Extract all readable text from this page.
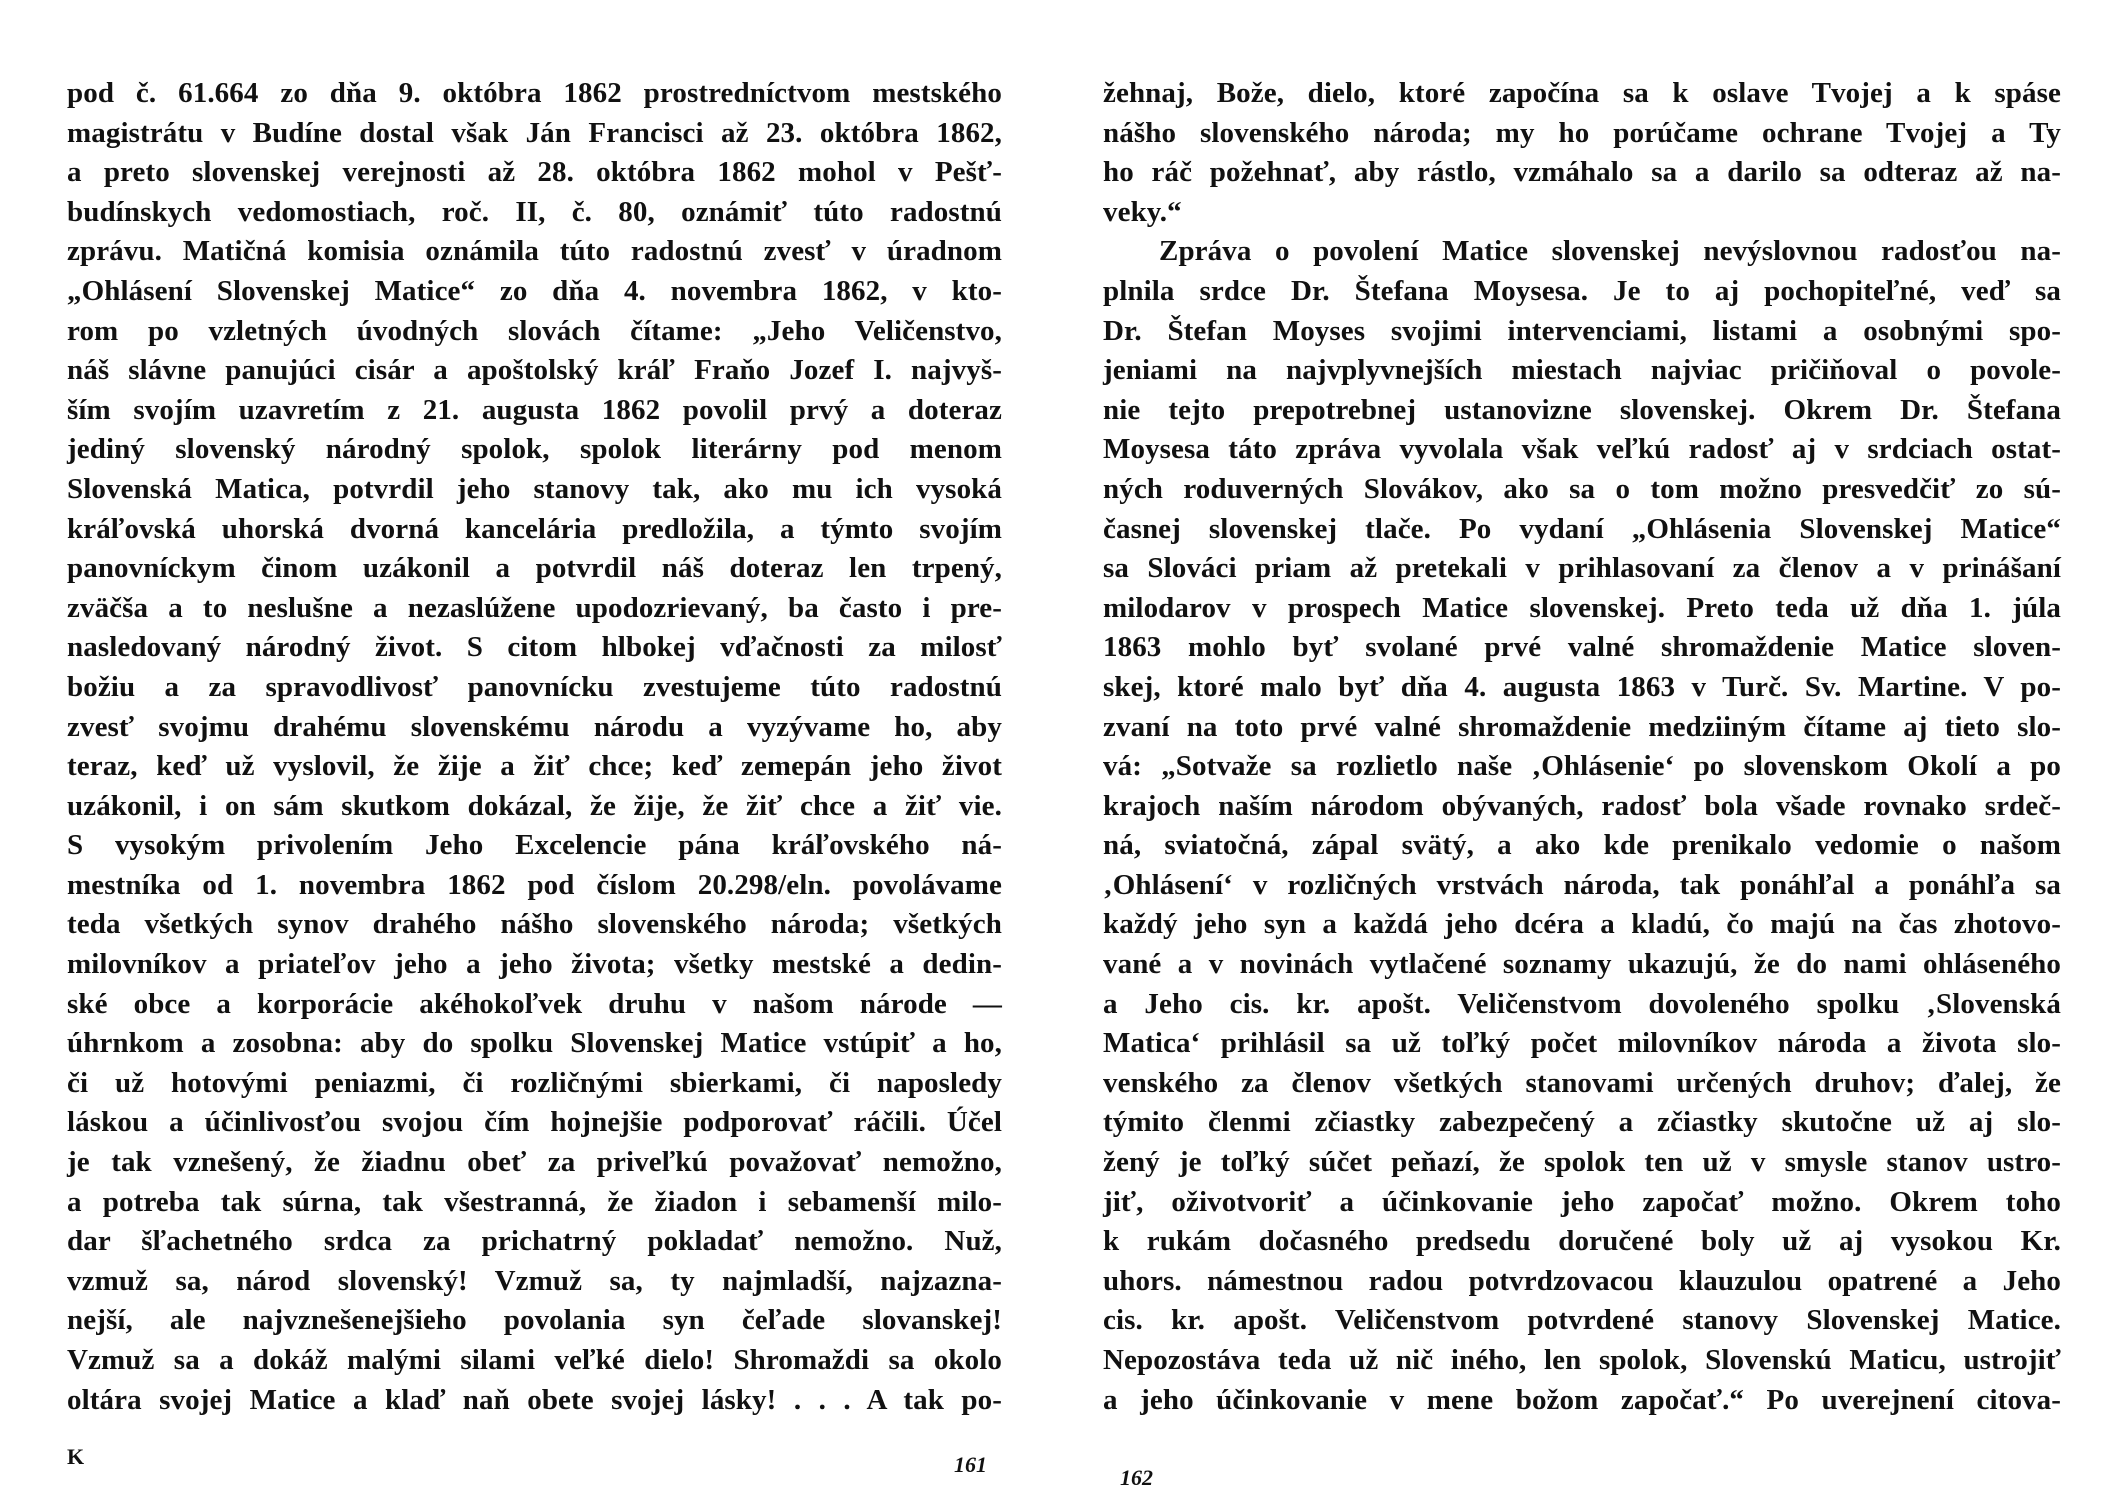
pod č. 61.664 zo dňa 9. októbra 1862 prostredníctvom mestského
magistrátu v Budíne dostal však Ján Francisci až 23. októbra 1862,
a preto slovenskej verejnosti až 28. októbra 1862 mohol v Pešť-
budínskych vedomostiach, roč. II, č. 80, oznámiť túto radostnú
zprávu. Matičná komisia oznámila túto radostnú zvesť v úradnom
„Ohlásení Slovenskej Matice“ zo dňa 4. novembra 1862, v kto-
rom po vzletných úvodných slovách čítame: „Jeho Veličenstvo,
náš slávne panujúci cisár a apoštolský kráľ Fraňo Jozef I. najvyš-
ším svojím uzavretím z 21. augusta 1862 povolil prvý a doteraz
jediný slovenský národný spolok, spolok literárny pod menom
Slovenská Matica, potvrdil jeho stanovy tak, ako mu ich vysoká
kráľovská uhorská dvorná kancelária predložila, a týmto svojím
panovníckym činom uzákonil a potvrdil náš doteraz len trpený,
zväčša a to neslušne a nezaslúžene upodozrievaný, ba často i pre-
nasledovaný národný život. S citom hlbokej vďačnosti za milosť
božiu a za spravodlivosť panovnícku zvestujeme túto radostnú
zvesť svojmu drahému slovenskému národu a vyzývame ho, aby
teraz, keď už vyslovil, že žije a žiť chce; keď zemepán jeho život
uzákonil, i on sám skutkom dokázal, že žije, že žiť chce a žiť vie.
S vysokým privolením Jeho Excelencie pána kráľovského ná-
mestníka od 1. novembra 1862 pod číslom 20.298/eln. povolávame
teda všetkých synov drahého nášho slovenského národa; všetkých
milovníkov a priateľov jeho a jeho života; všetky mestské a dedin-
ské obce a korporácie akéhokoľvek druhu v našom národe —
úhrnkom a zosobna: aby do spolku Slovenskej Matice vstúpiť a ho,
či už hotovými peniazmi, či rozličnými sbierkami, či naposledy
láskou a účinlivosťou svojou čím hojnejšie podporovať ráčili. Účel
je tak vznešený, že žiadnu obeť za priveľkú považovať nemožno,
a potreba tak súrna, tak všestranná, že žiadon i sebamenší milo-
dar šľachetného srdca za prichatrný pokladať nemožno. Nuž,
vzmuž sa, národ slovenský! Vzmuž sa, ty najmladší, najzazna-
nejší, ale najvznešenejšieho povolania syn čeľade slovanskej!
Vzmuž sa a dokáž malými silami veľké dielo! Shromaždi sa okolo
oltára svojej Matice a klaď naň obete svojej lásky! . . . A tak po-
K	161
žehnaj, Bože, dielo, ktoré započína sa k oslave Tvojej a k spáse
nášho slovenského národa; my ho porúčame ochrane Tvojej a Ty
ho ráč požehnať, aby rástlo, vzmáhalo sa a darilo sa odteraz až na-
veky.“
Zpráva o povolení Matice slovenskej nevýslovnou radosťou na-
plnila srdce Dr. Štefana Moysesa. Je to aj pochopiteľné, veď sa
Dr. Štefan Moyses svojimi intervenciami, listami a osobnými spo-
jeniami na najvplyvnejších miestach najviac pričiňoval o povole-
nie tejto prepotrebnej ustanovizne slovenskej. Okrem Dr. Štefana
Moysesa táto zpráva vyvolala však veľkú radosť aj v srdciach ostat-
ných roduverných Slovákov, ako sa o tom možno presvedčiť zo sú-
časnej slovenskej tlače. Po vydaní „Ohlásenia Slovenskej Matice“
sa Slováci priam až pretekali v prihlasovaní za členov a v prinášaní
milodarov v prospech Matice slovenskej. Preto teda už dňa 1. júla
1863 mohlo byť svolané prvé valné shromaždenie Matice sloven-
skej, ktoré malo byť dňa 4. augusta 1863 v Turč. Sv. Martine. V po-
zvaní na toto prvé valné shromaždenie medziiným čítame aj tieto slo-
vá: „Sotvaže sa rozlietlo naše ‚Ohlásenie‘ po slovenskom Okolí a po
krajoch naším národom obývaných, radosť bola všade rovnako srdeč-
ná, sviatočná, zápal svätý, a ako kde prenikalo vedomie o našom
‚Ohlásení‘ v rozličných vrstvách národa, tak ponáhľal a ponáhľa sa
každý jeho syn a každá jeho dcéra a kladú, čo majú na čas zhotovo-
vané a v novinách vytlačené soznamy ukazujú, že do nami ohláseného
a Jeho cis. kr. apošt. Veličenstvom dovoleného spolku ‚Slovenská
Matica‘ prihlásil sa už toľký počet milovníkov národa a života slo-
venského za členov všetkých stanovami určených druhov; ďalej, že
týmito členmi zčiastky zabezpečený a zčiastky skutočne už aj slo-
žený je toľký súčet peňazí, že spolok ten už v smysle stanov ustro-
jiť, oživotvoriť a účinkovanie jeho započať možno. Okrem toho
k rukám dočasného predsedu doručené boly už aj vysokou Kr.
uhors. námestnou radou potvrdzovacou klauzulou opatrené a Jeho
cis. kr. apošt. Veličenstvom potvrdené stanovy Slovenskej Matice.
Nepozostáva teda už nič iného, len spolok, Slovenskú Maticu, ustrojiť
a jeho účinkovanie v mene božom započať.“ Po uverejnení citova-
162
